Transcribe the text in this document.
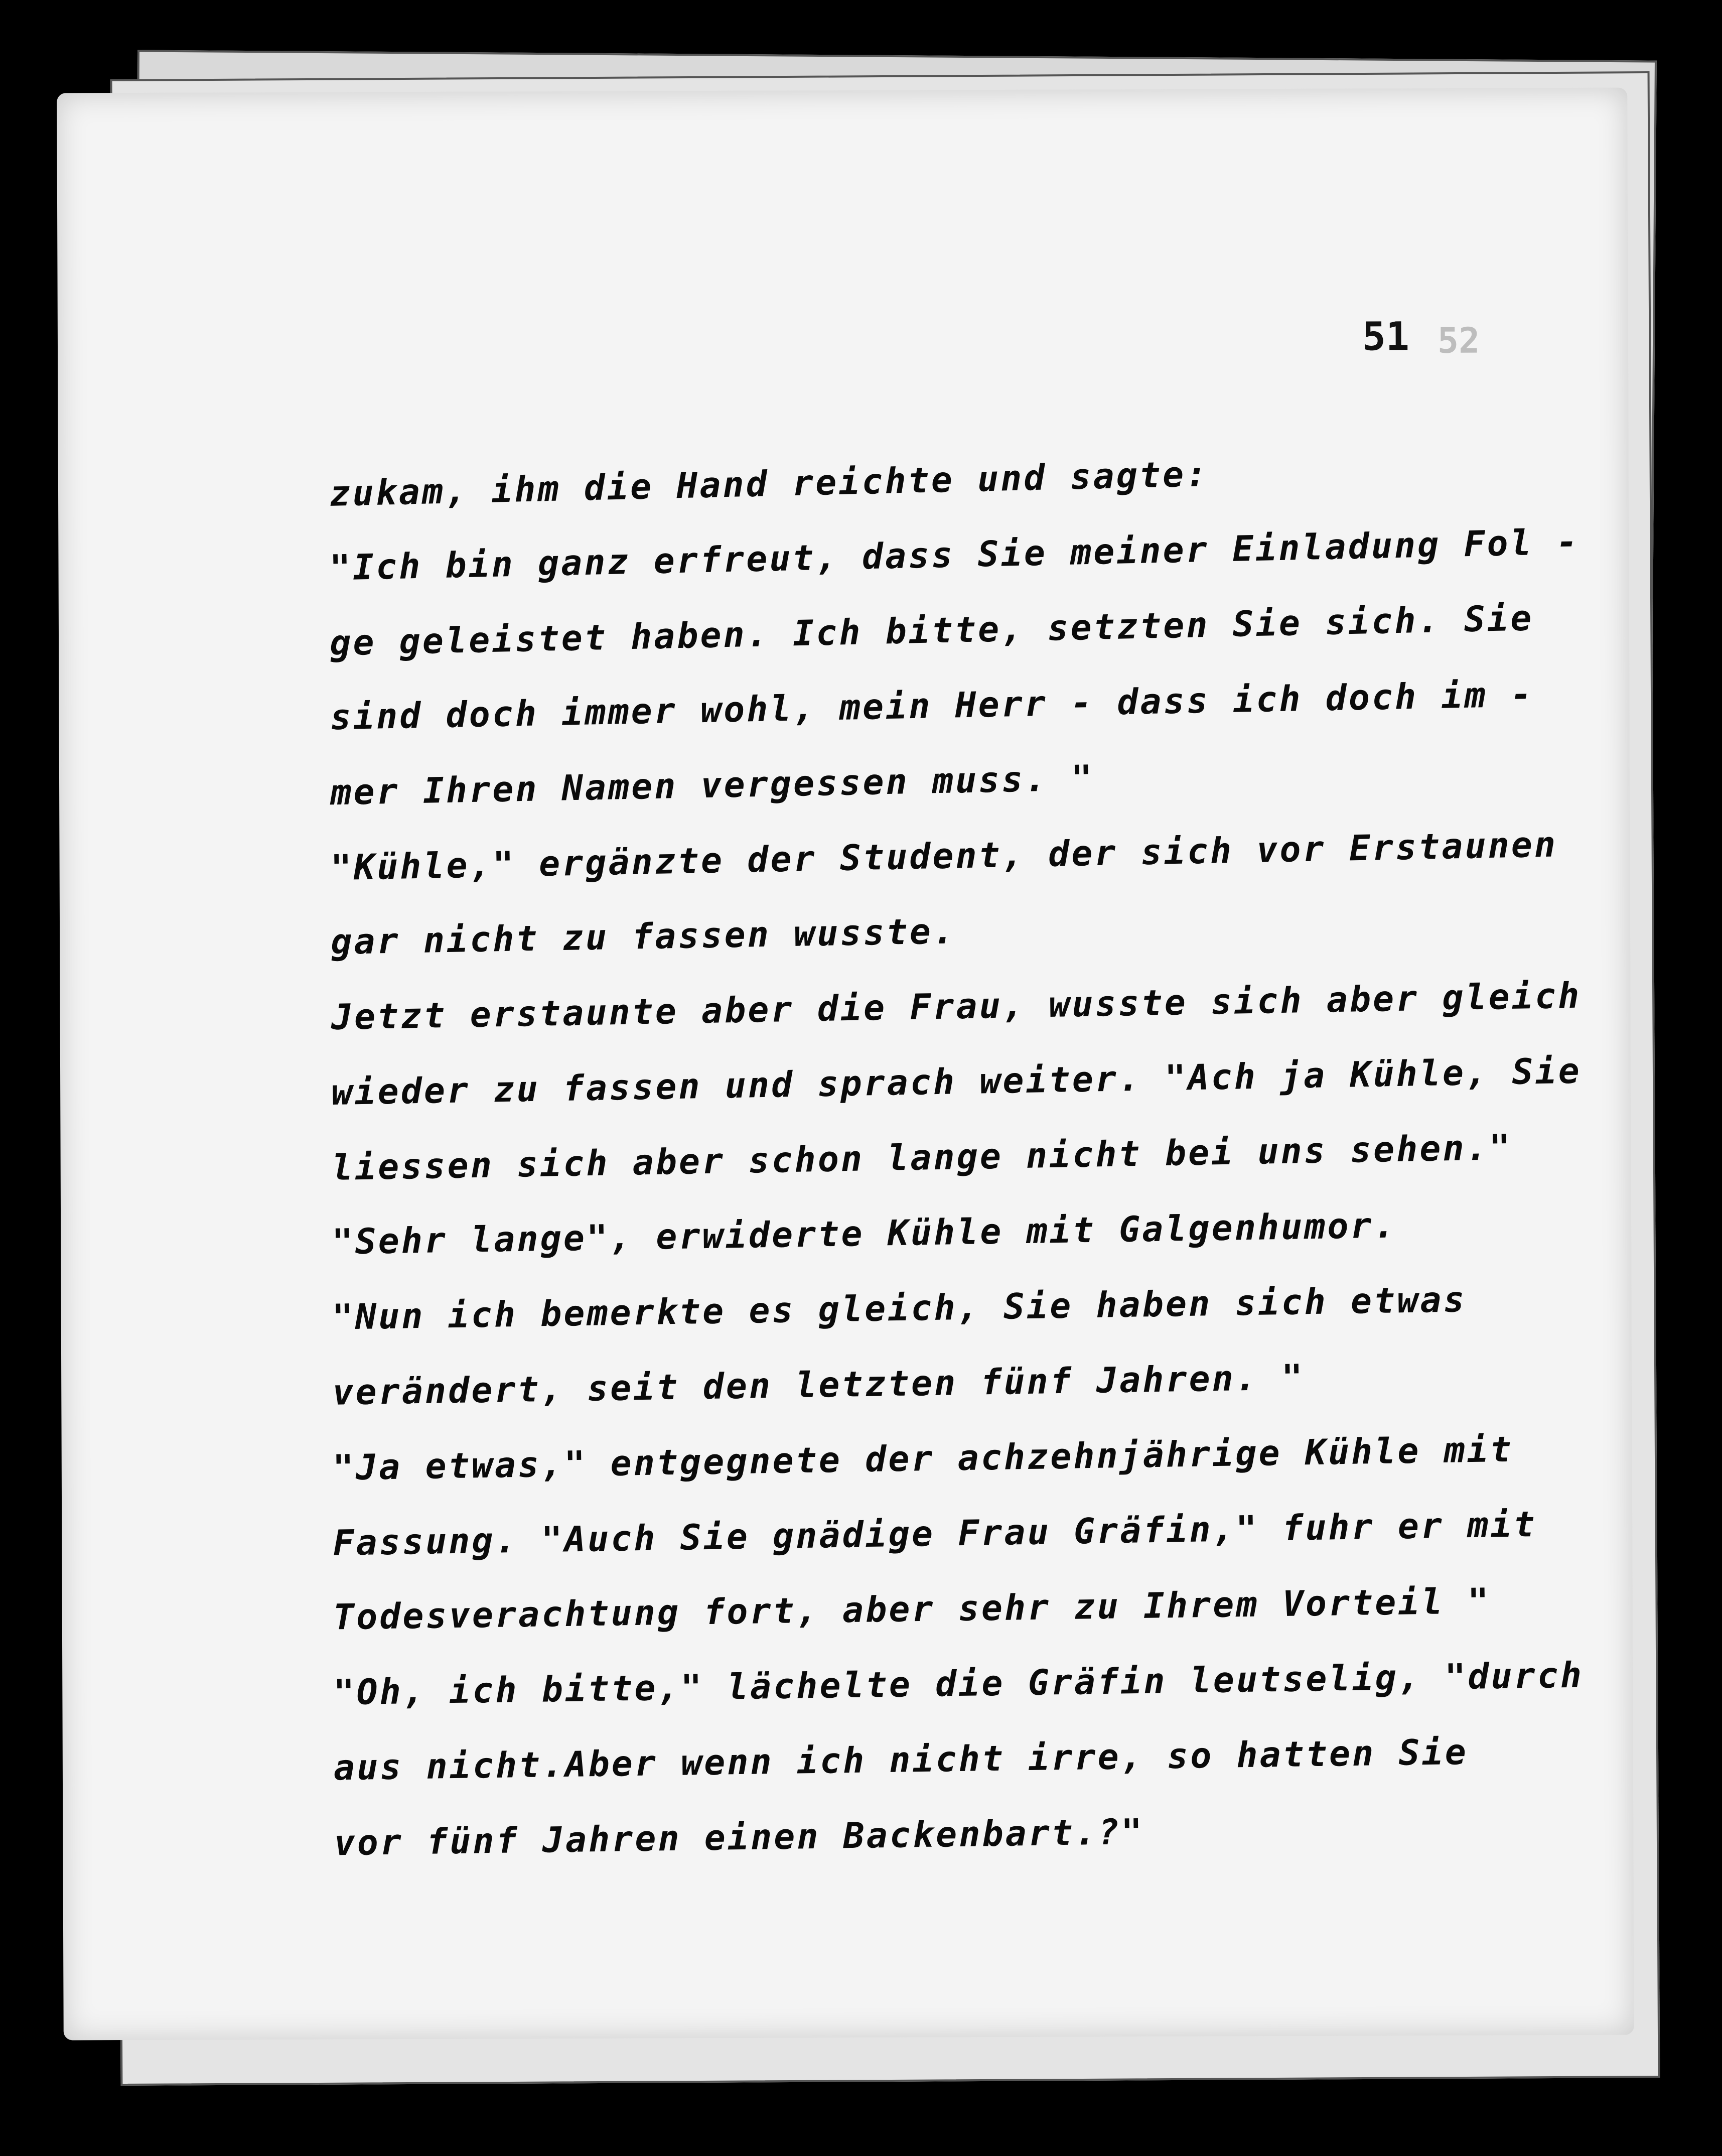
51 52
zukam, ihm die Hand reichte und sagte:
"Ich bin ganz erfreut, dass Sie meiner Einladung Fol -
ge geleistet haben. Ich bitte, setzten Sie sich. Sie
sind doch immer wohl, mein Herr - dass ich doch im -
mer Ihren Namen vergessen muss. "
"Kühle," ergänzte der Student, der sich vor Erstaunen
gar nicht zu fassen wusste.
Jetzt erstaunte aber die Frau, wusste sich aber gleich
wieder zu fassen und sprach weiter. "Ach ja Kühle, Sie
liessen sich aber schon lange nicht bei uns sehen."
"Sehr lange", erwiderte Kühle mit Galgenhumor.
"Nun ich bemerkte es gleich, Sie haben sich etwas
verändert, seit den letzten fünf Jahren. "
"Ja etwas," entgegnete der achzehnjährige Kühle mit
Fassung. "Auch Sie gnädige Frau Gräfin," fuhr er mit
Todesverachtung fort, aber sehr zu Ihrem Vorteil "
"Oh, ich bitte," lächelte die Gräfin leutselig, "durch
aus nicht.Aber wenn ich nicht irre, so hatten Sie
vor fünf Jahren einen Backenbart.?"
